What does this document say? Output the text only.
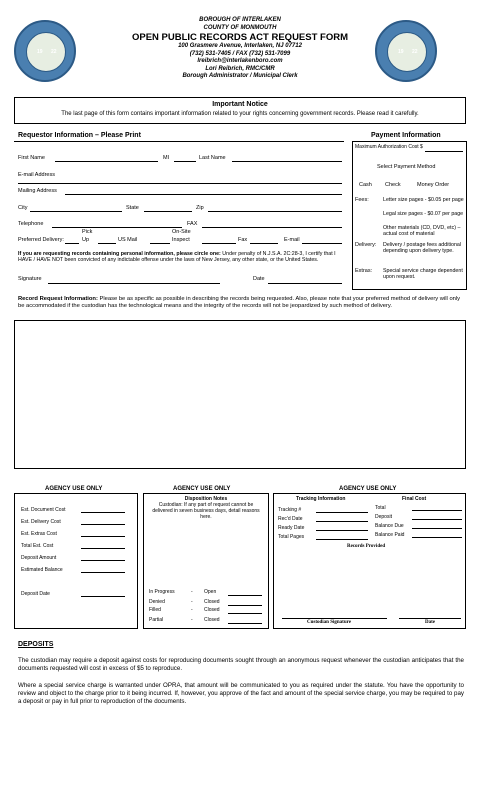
19 22	19 22
BOROUGH OF INTERLAKEN
COUNTY OF MONMOUTH
OPEN PUBLIC RECORDS ACT REQUEST FORM
100 Grasmere Avenue, Interlaken, NJ 07712
(732) 531-7405 / FAX (732) 531-7099
lreibrich@interlakenboro.com
Lori Reibrich, RMC/CMR
Borough Administrator / Municipal Clerk
Important Notice
The last page of this form contains important information related to your rights concerning government records. Please read it carefully.
Requestor Information – Please Print
First Name	MI	Last Name
E-mail Address
Mailing Address
City	State	Zip
Telephone	FAX
Pick	On-Site
Preferred Delivery:	Up	US Mail	Inspect	Fax	E-mail
If you are requesting records containing personal information, please circle one: Under penalty of N.J.S.A. 2C:28-3, I certify that I HAVE / HAVE NOT been convicted of any indictable offense under the laws of New Jersey, any other state, or the United States.
Signature	Date
Payment Information
Maximum Authorization Cost $
Select Payment Method
Cash Check	Money Order
Fees:	Letter size pages - $0.05 per page
Legal size pages - $0.07 per page
Other materials (CD, DVD, etc) – actual cost of material
Delivery: Delivery / postage fees additional depending upon delivery type.
Extras: Special service charge dependent upon request.
Record Request Information: Please be as specific as possible in describing the records being requested. Also, please note that your preferred method of delivery will only be accommodated if the custodian has the technological means and the integrity of the records will not be jeopardized by such method of delivery.
AGENCY USE ONLY	AGENCY USE ONLY	AGENCY USE ONLY
Est. Document Cost
Est. Delivery Cost
Est. Extras Cost
Total Est. Cost
Deposit Amount
Estimated Balance
Deposit Date
Disposition Notes
Custodian: If any part of request cannot be delivered in seven business days, detail reasons here.
In Progress	- Open
Denied	- Closed
Filled	- Closed
Partial	- Closed
Tracking Information	Final Cost
Tracking #
Rec'd Date
Ready Date
Total Pages
Total
Deposit
Balance Due
Balance Paid
Records Provided
Custodian Signature	Date
DEPOSITS
The custodian may require a deposit against costs for reproducing documents sought through an anonymous request whenever the custodian anticipates that the documents requested will cost in excess of $5 to reproduce.
Where a special service charge is warranted under OPRA, that amount will be communicated to you as required under the statute. You have the opportunity to review and object to the charge prior to it being incurred. If, however, you approve of the fact and amount of the special service charge, you may be required to pay a deposit or pay in full prior to reproduction of the documents.
